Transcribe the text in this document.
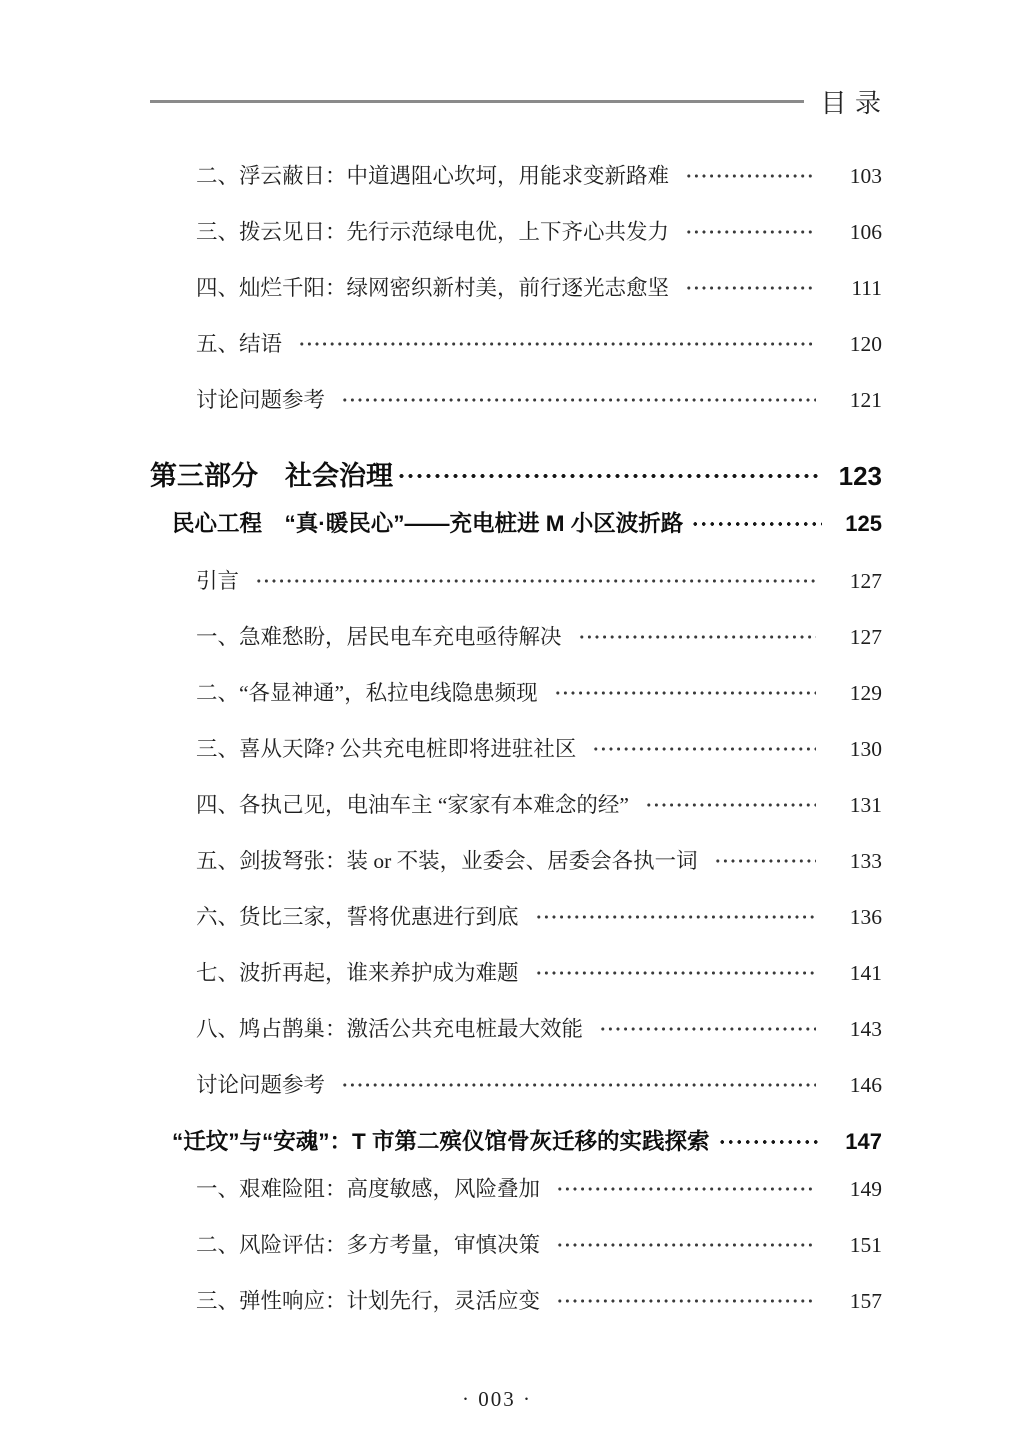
目 录
二、浮云蔽日：中道遇阻心坎坷，用能求变新路难	103
三、拨云见日：先行示范绿电优，上下齐心共发力	106
四、灿烂千阳：绿网密织新村美，前行逐光志愈坚	111
五、结语	120
讨论问题参考	121
第三部分　社会治理	123
民心工程　“真·暖民心”——充电桩进 M 小区波折路	125
引言	127
一、急难愁盼，居民电车充电亟待解决	127
二、“各显神通”，私拉电线隐患频现	129
三、喜从天降? 公共充电桩即将进驻社区	130
四、各执己见，电油车主 “家家有本难念的经”	131
五、剑拔弩张：装 or 不装，业委会、居委会各执一词	133
六、货比三家，誓将优惠进行到底	136
七、波折再起，谁来养护成为难题	141
八、鸠占鹊巢：激活公共充电桩最大效能	143
讨论问题参考	146
“迁坟”与“安魂”：T 市第二殡仪馆骨灰迁移的实践探索	147
一、艰难险阻：高度敏感，风险叠加	149
二、风险评估：多方考量，审慎决策	151
三、弹性响应：计划先行，灵活应变	157
· 003 ·
